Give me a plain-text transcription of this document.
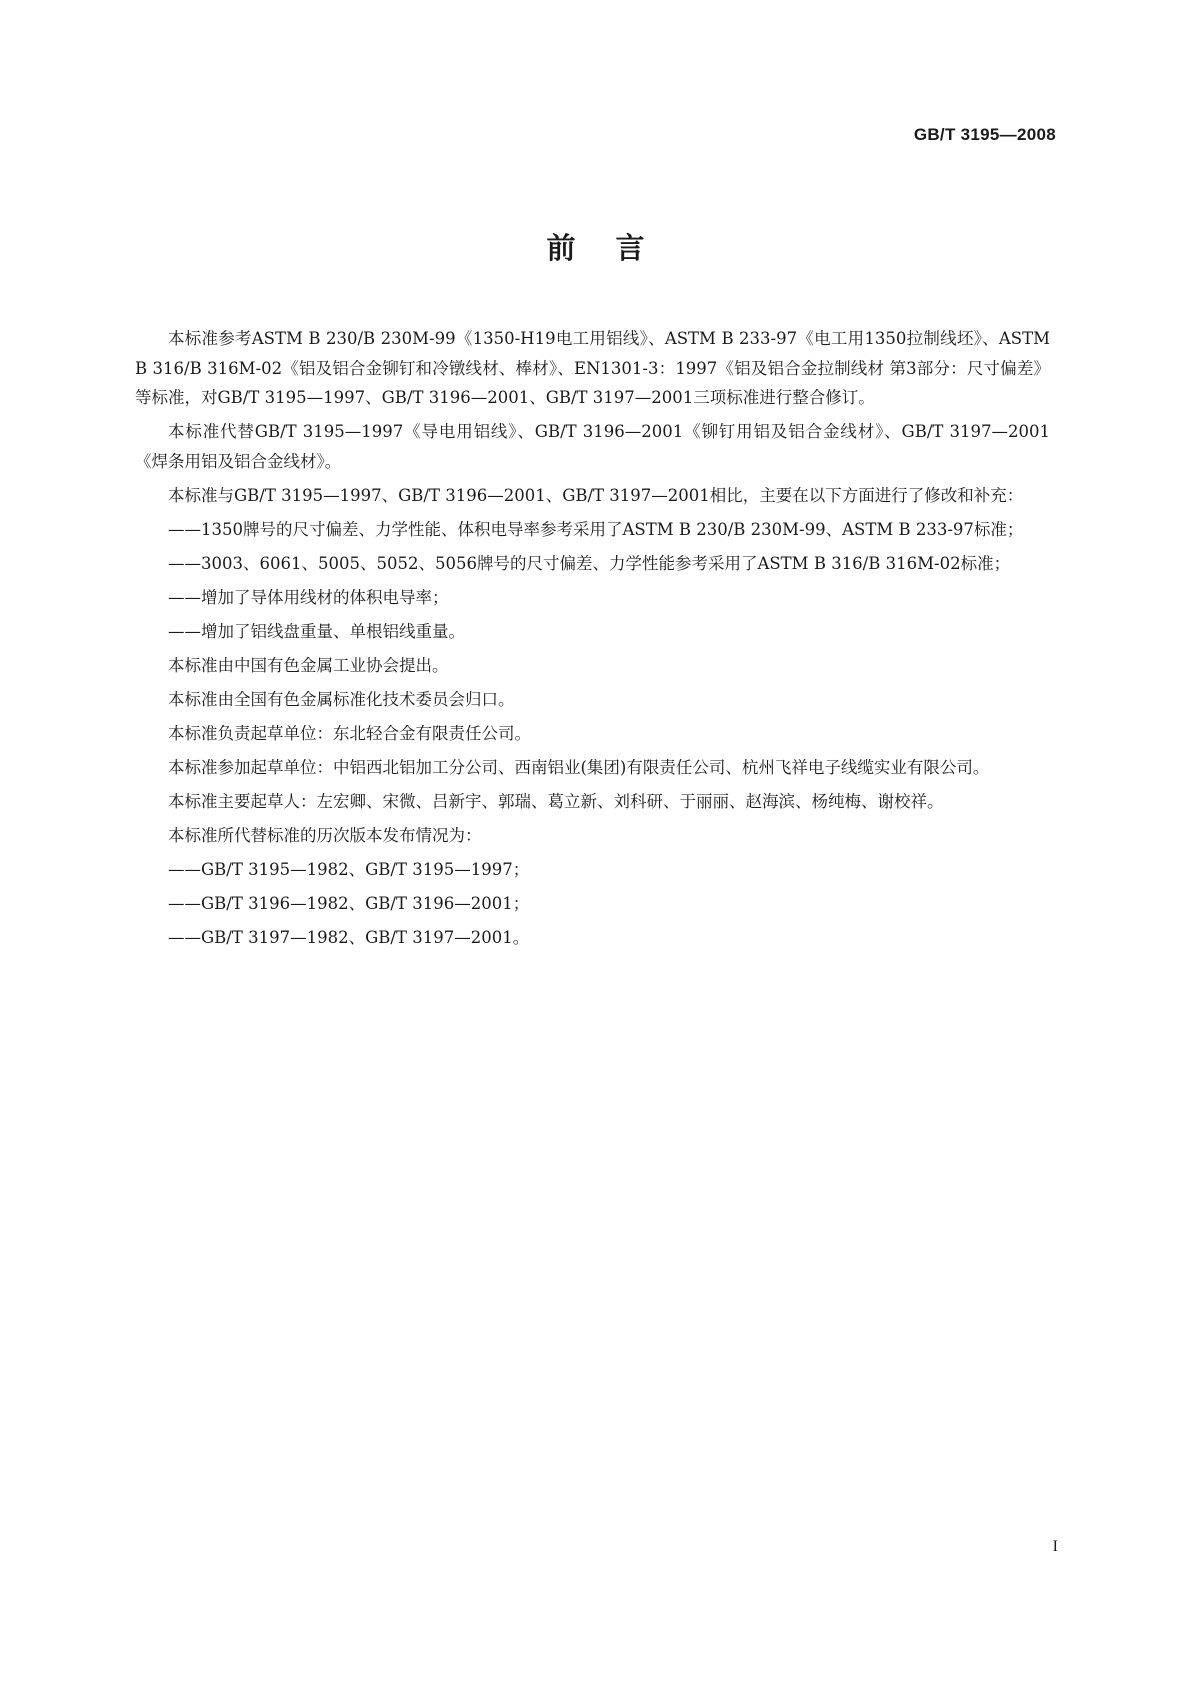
GB/T 3195—2008
前言

本标准参考ASTM B 230/B 230M-99《1350-H19电工用铝线》、ASTM B 233-97《电工用1350拉制线坯》、ASTM B 316/B 316M-02《铝及铝合金铆钉和冷镦线材、棒材》、EN1301-3：1997《铝及铝合金拉制线材 第3部分：尺寸偏差》等标准，对GB/T 3195—1997、GB/T 3196—2001、GB/T 3197—2001三项标准进行整合修订。

本标准代替GB/T 3195—1997《导电用铝线》、GB/T 3196—2001《铆钉用铝及铝合金线材》、GB/T 3197—2001《焊条用铝及铝合金线材》。

本标准与GB/T 3195—1997、GB/T 3196—2001、GB/T 3197—2001相比，主要在以下方面进行了修改和补充：

——1350牌号的尺寸偏差、力学性能、体积电导率参考采用了ASTM B 230/B 230M-99、ASTM B 233-97标准；

——3003、6061、5005、5052、5056牌号的尺寸偏差、力学性能参考采用了ASTM B 316/B 316M-02标准；

——增加了导体用线材的体积电导率；

——增加了铝线盘重量、单根铝线重量。

本标准由中国有色金属工业协会提出。

本标准由全国有色金属标准化技术委员会归口。

本标准负责起草单位：东北轻合金有限责任公司。

本标准参加起草单位：中铝西北铝加工分公司、西南铝业(集团)有限责任公司、杭州飞祥电子线缆实业有限公司。

本标准主要起草人：左宏卿、宋微、吕新宇、郭瑞、葛立新、刘科研、于丽丽、赵海滨、杨纯梅、谢校祥。

本标准所代替标准的历次版本发布情况为：

——GB/T 3195—1982、GB/T 3195—1997；

——GB/T 3196—1982、GB/T 3196—2001；

——GB/T 3197—1982、GB/T 3197—2001。

I
